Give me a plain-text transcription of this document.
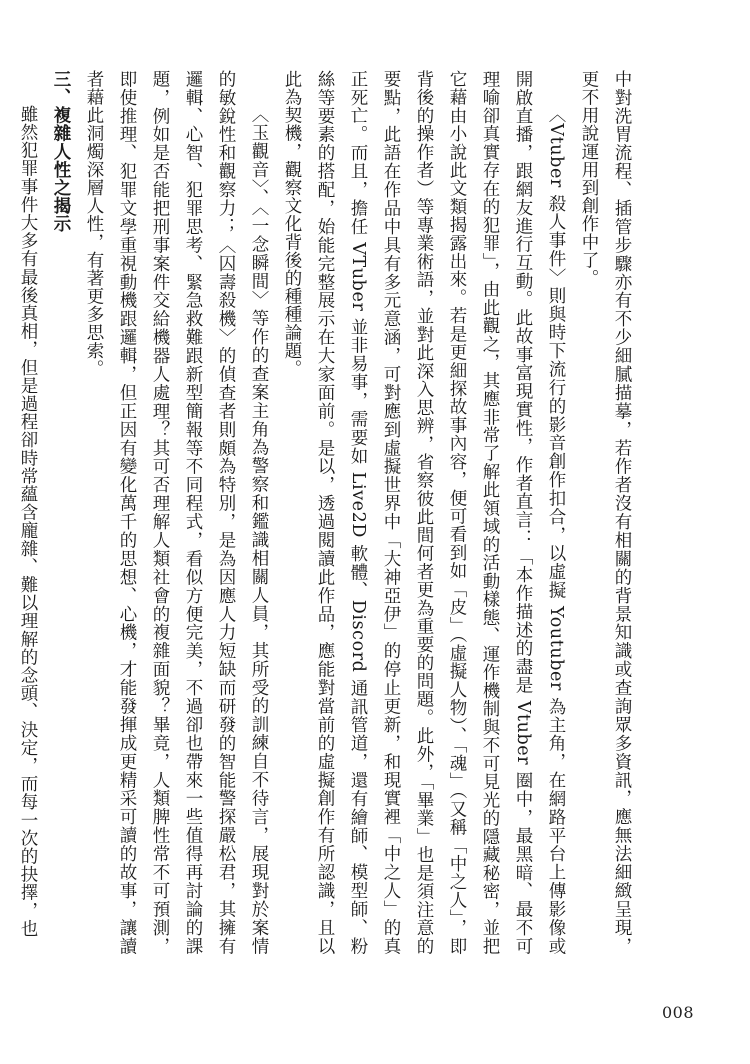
中對洗胃流程、插管步驟亦有不少細膩描摹，若作者沒有相關的背景知識或查詢眾多資訊，應無法細緻呈現，更不用說運用到創作中了。

〈Vtuber 殺人事件〉則與時下流行的影音創作扣合，以虛擬 Youtuber 為主角，在網路平台上傳影像或開啟直播，跟網友進行互動。此故事富現實性，作者直言：「本作描述的盡是 Vtuber 圈中，最黑暗、最不可理喻卻真實存在的犯罪」，由此觀之，其應非常了解此領域的活動樣態、運作機制與不可見光的隱藏秘密，並把它藉由小說此文類揭露出來。若是更細探故事內容，便可看到如「皮」（虛擬人物）、「魂」（又稱「中之人」，即背後的操作者）等專業術語，並對此深入思辨，省察彼此間何者更為重要的問題。此外，「畢業」也是須注意的要點，此語在作品中具有多元意涵，可對應到虛擬世界中「大神亞伊」的停止更新，和現實裡「中之人」的真正死亡。而且，擔任 VTuber 並非易事，需要如 Live2D 軟體、Discord 通訊管道，還有繪師、模型師、粉絲等要素的搭配，始能完整展示在大家面前。是以，透過閱讀此作品，應能對當前的虛擬創作有所認識，且以此為契機，觀察文化背後的種種論題。

〈玉觀音〉、〈一念瞬間〉等作的查案主角為警察和鑑識相關人員，其所受的訓練自不待言，展現對於案情的敏銳性和觀察力；〈囚壽殺機〉的偵查者則頗為特別，是為因應人力短缺而研發的智能警探嚴松君，其擁有邏輯、心智、犯罪思考、緊急救難跟新型簡報等不同程式，看似方便完美，不過卻也帶來一些值得再討論的課題，例如是否能把刑事案件交給機器人處理？其可否理解人類社會的複雜面貌？畢竟，人類脾性常不可預測，即使推理、犯罪文學重視動機跟邏輯，但正因有變化萬千的思想、心機，才能發揮成更精采可讀的故事，讓讀者藉此洞燭深層人性，有著更多思索。

三、複雜人性之揭示

雖然犯罪事件大多有最後真相，但是過程卻時常蘊含龐雜、難以理解的念頭、決定，而每一次的抉擇，也

008
